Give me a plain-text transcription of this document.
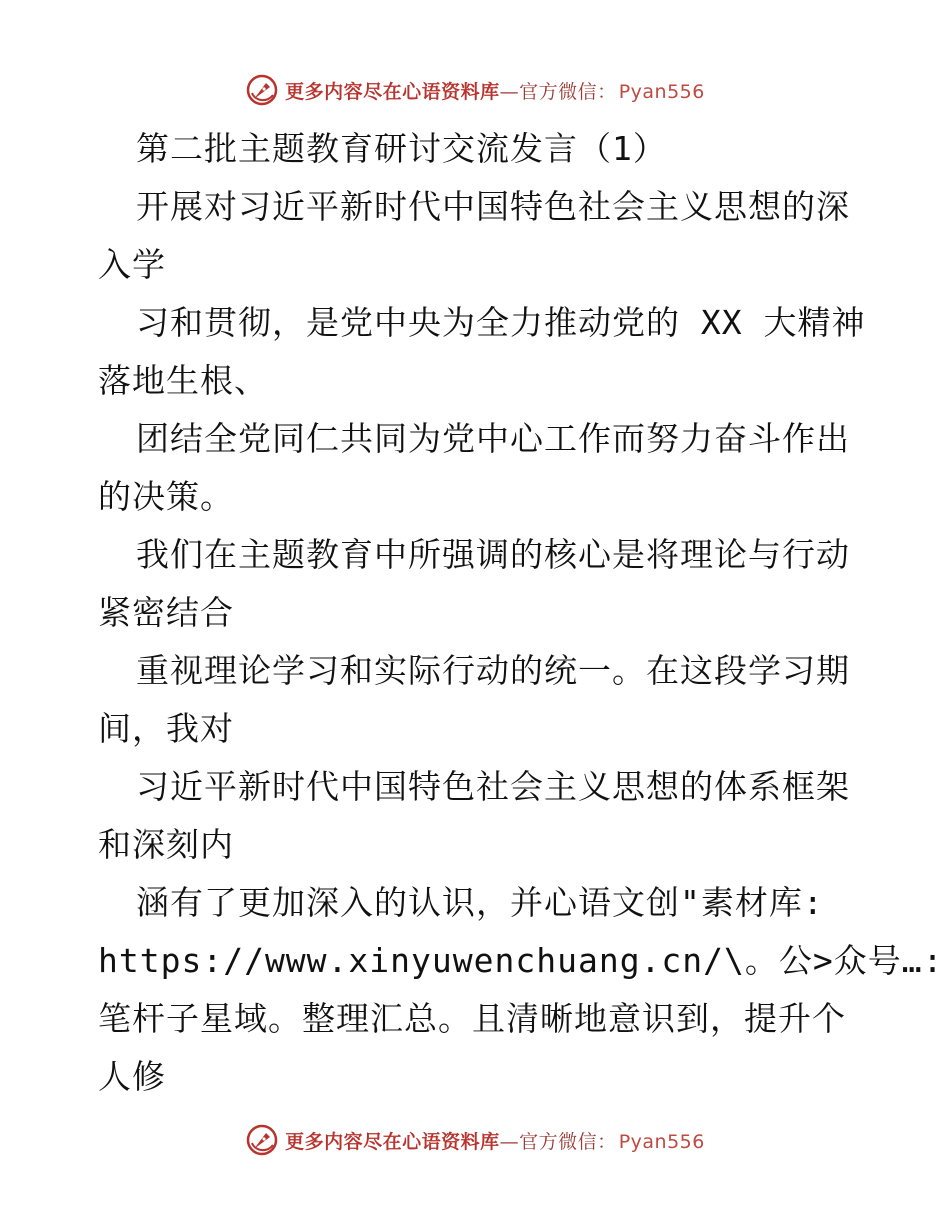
更多内容尽在心语资料库—官方微信： Pyan556

第二批主题教育研讨交流发言（1）

开展对习近平新时代中国特色社会主义思想的深

入学

习和贯彻，是党中央为全力推动党的 XX 大精神

落地生根、

团结全党同仁共同为党中心工作而努力奋斗作出

的决策。

我们在主题教育中所强调的核心是将理论与行动

紧密结合

重视理论学习和实际行动的统一。在这段学习期

间，我对

习近平新时代中国特色社会主义思想的体系框架

和深刻内

涵有了更加深入的认识，并心语文创"素材库:

https://www.xinyuwenchuang.cn/\。公>众号…:

笔杆子星域。整理汇总。且清晰地意识到，提升个

人修

更多内容尽在心语资料库—官方微信： Pyan556
